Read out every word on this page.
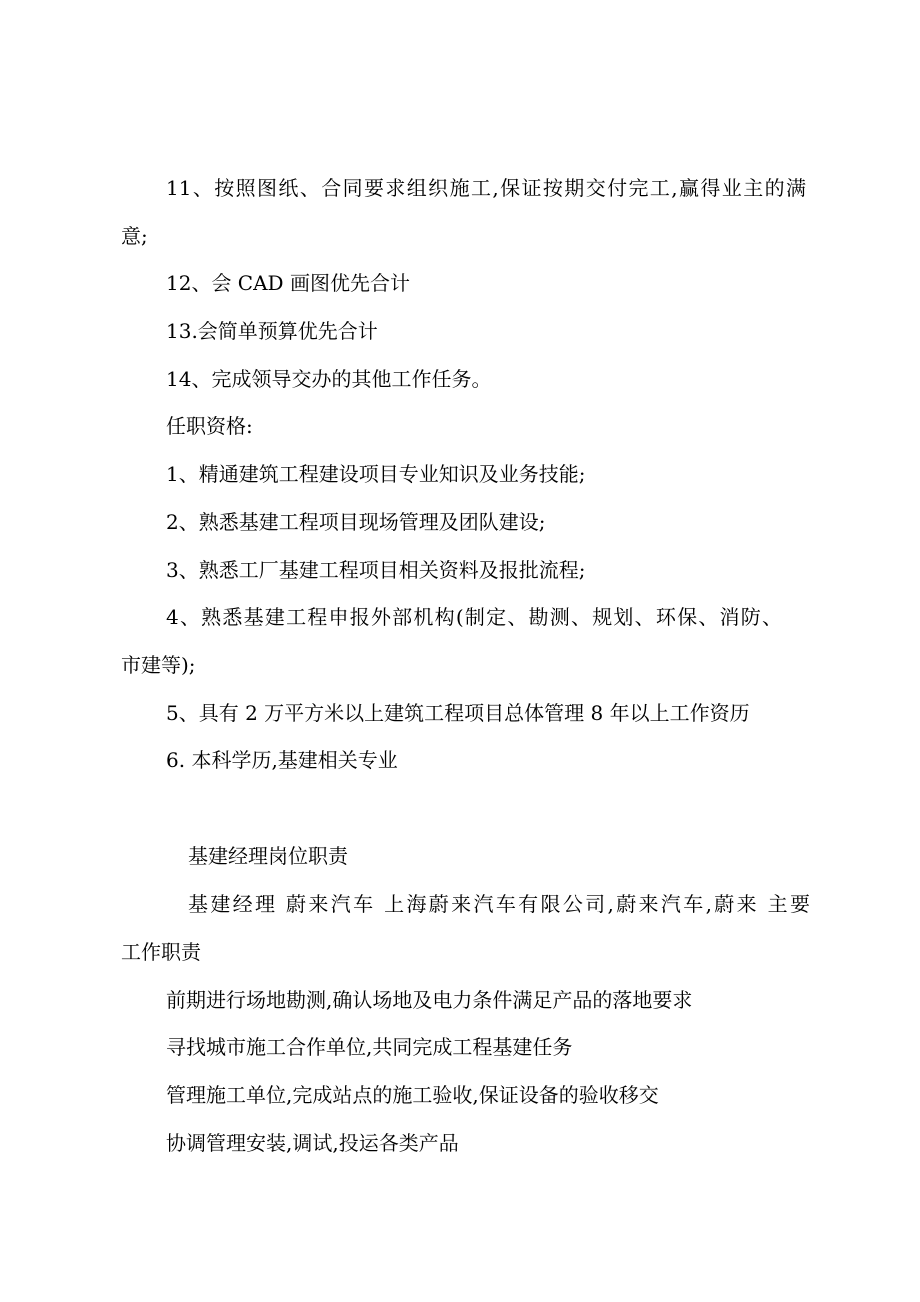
11、按照图纸、合同要求组织施工,保证按期交付完工,赢得业主的满

意;

12、会 CAD 画图优先合计

13.会简单预算优先合计

14、完成领导交办的其他工作任务。

任职资格:

1、精通建筑工程建设项目专业知识及业务技能;

2、熟悉基建工程项目现场管理及团队建设;

3、熟悉工厂基建工程项目相关资料及报批流程;

4、熟悉基建工程申报外部机构(制定、勘测、规划、环保、消防、

市建等);

5、具有 2 万平方米以上建筑工程项目总体管理 8 年以上工作资历

6. 本科学历,基建相关专业

基建经理岗位职责

基建经理 蔚来汽车 上海蔚来汽车有限公司,蔚来汽车,蔚来 主要

工作职责

前期进行场地勘测,确认场地及电力条件满足产品的落地要求

寻找城市施工合作单位,共同完成工程基建任务

管理施工单位,完成站点的施工验收,保证设备的验收移交

协调管理安装,调试,投运各类产品
